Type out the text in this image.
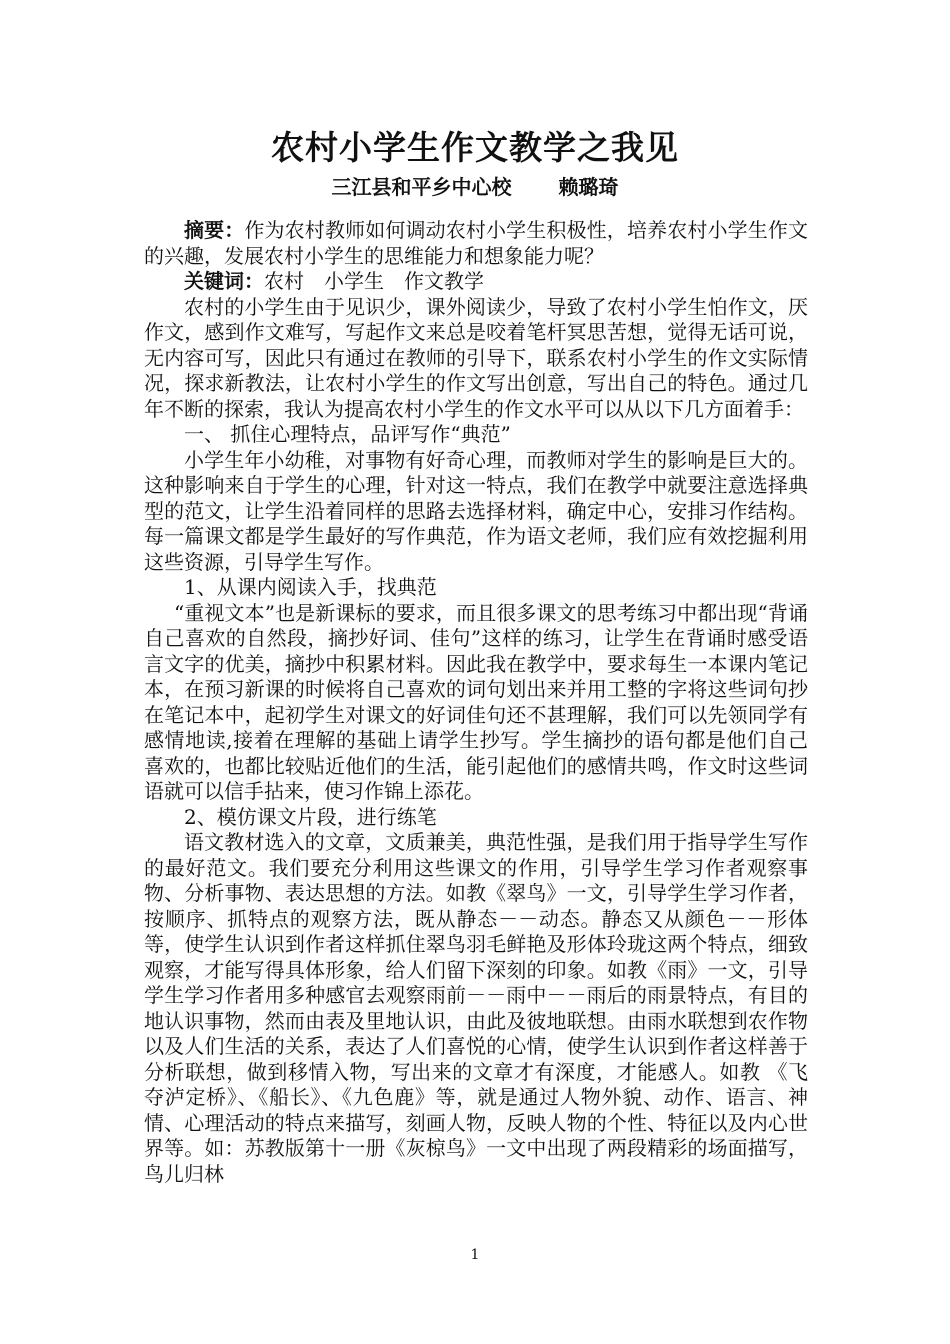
农村小学生作文教学之我见
三江县和平乡中心校 赖璐琦

摘要：作为农村教师如何调动农村小学生积极性，培养农村小学生作文的兴趣，发展农村小学生的思维能力和想象能力呢？

关键词：农村　小学生　作文教学

农村的小学生由于见识少，课外阅读少，导致了农村小学生怕作文，厌作文，感到作文难写，写起作文来总是咬着笔杆冥思苦想，觉得无话可说，无内容可写，因此只有通过在教师的引导下，联系农村小学生的作文实际情况，探求新教法，让农村小学生的作文写出创意，写出自己的特色。通过几年不断的探索，我认为提高农村小学生的作文水平可以从以下几方面着手：

一、 抓住心理特点，品评写作“典范”

小学生年小幼稚，对事物有好奇心理，而教师对学生的影响是巨大的。这种影响来自于学生的心理，针对这一特点，我们在教学中就要注意选择典型的范文，让学生沿着同样的思路去选择材料，确定中心，安排习作结构。每一篇课文都是学生最好的写作典范，作为语文老师，我们应有效挖掘利用这些资源，引导学生写作。

1、从课内阅读入手，找典范

“重视文本”也是新课标的要求，而且很多课文的思考练习中都出现“背诵自己喜欢的自然段，摘抄好词、佳句”这样的练习，让学生在背诵时感受语言文字的优美，摘抄中积累材料。因此我在教学中，要求每生一本课内笔记本，在预习新课的时候将自己喜欢的词句划出来并用工整的字将这些词句抄在笔记本中，起初学生对课文的好词佳句还不甚理解，我们可以先领同学有感情地读,接着在理解的基础上请学生抄写。学生摘抄的语句都是他们自己喜欢的，也都比较贴近他们的生活，能引起他们的感情共鸣，作文时这些词语就可以信手拈来，使习作锦上添花。

2、模仿课文片段，进行练笔

语文教材选入的文章，文质兼美，典范性强，是我们用于指导学生写作的最好范文。我们要充分利用这些课文的作用，引导学生学习作者观察事物、分析事物、表达思想的方法。如教《翠鸟》一文，引导学生学习作者，按顺序、抓特点的观察方法，既从静态－－动态。静态又从颜色－－形体等，使学生认识到作者这样抓住翠鸟羽毛鲜艳及形体玲珑这两个特点，细致观察，才能写得具体形象，给人们留下深刻的印象。如教《雨》一文，引导学生学习作者用多种感官去观察雨前－－雨中－－雨后的雨景特点，有目的地认识事物，然而由表及里地认识，由此及彼地联想。由雨水联想到农作物以及人们生活的关系，表达了人们喜悦的心情，使学生认识到作者这样善于分析联想，做到移情入物，写出来的文章才有深度，才能感人。如教 《飞夺泸定桥》、《船长》、《九色鹿》等，就是通过人物外貌、动作、语言、神情、心理活动的特点来描写，刻画人物，反映人物的个性、特征以及内心世界等。如：苏教版第十一册《灰椋鸟》一文中出现了两段精彩的场面描写，鸟儿归林

1
